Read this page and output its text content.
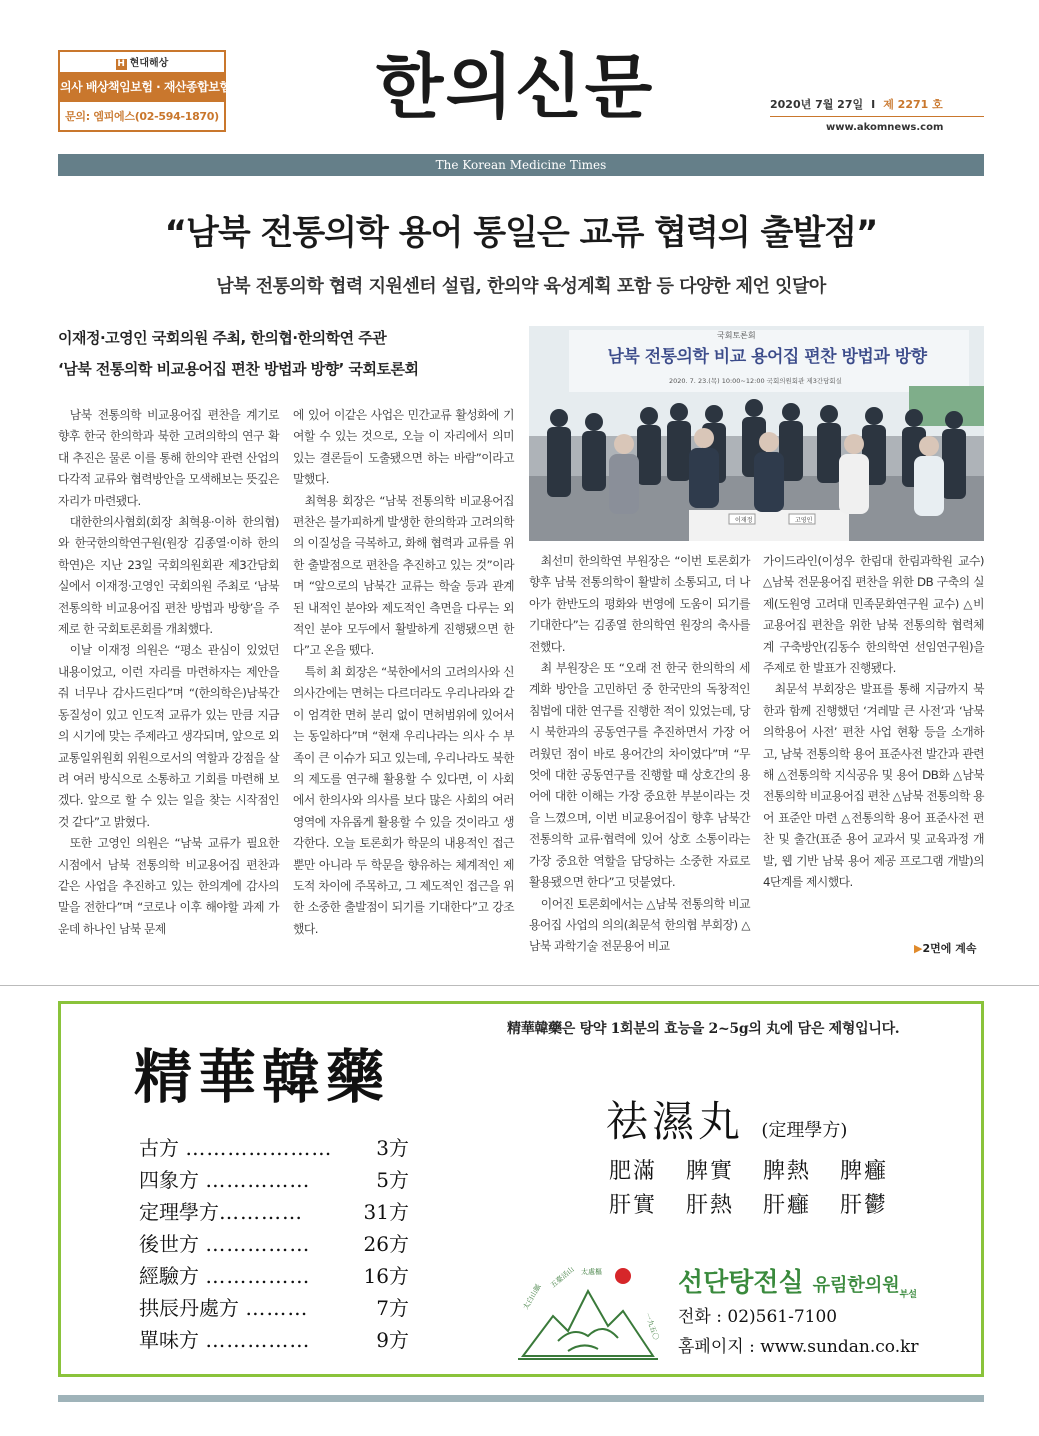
H 현대해상
의사 배상책임보험 · 재산종합보험
문의: 엠피에스(02-594-1870)	한의신문	2020년 7월 27일 I 제 2271 호
www.akomnews.com
The Korean Medicine Times
“남북 전통의학 용어 통일은 교류 협력의 출발점”
남북 전통의학 협력 지원센터 설립, 한의약 육성계획 포함 등 다양한 제언 잇달아
이재정·고영인 국회의원 주최, 한의협·한의학연 주관
‘남북 전통의학 비교용어집 편찬 방법과 방향’ 국회토론회

남북 전통의학 비교용어집 편찬을 계기로 향후 한국 한의학과 북한 고려의학의 연구 확대 추진은 물론 이를 통해 한의약 관련 산업의 다각적 교류와 협력방안을 모색해보는 뜻깊은 자리가 마련됐다.

대한한의사협회(회장 최혁용·이하 한의협)와 한국한의학연구원(원장 김종열·이하 한의학연)은 지난 23일 국회의원회관 제3간담회실에서 이재정·고영인 국회의원 주최로 ‘남북 전통의학 비교용어집 편찬 방법과 방향’을 주제로 한 국회토론회를 개최했다.

이날 이재정 의원은 “평소 관심이 있었던 내용이었고, 이런 자리를 마련하자는 제안을 줘 너무나 감사드린다”며 “(한의학은)남북간 동질성이 있고 인도적 교류가 있는 만큼 지금의 시기에 맞는 주제라고 생각되며, 앞으로 외교통일위원회 위원으로서의 역할과 강점을 살려 여러 방식으로 소통하고 기회를 마련해 보겠다. 앞으로 할 수 있는 일을 찾는 시작점인 것 같다”고 밝혔다.

또한 고영인 의원은 “남북 교류가 필요한 시점에서 남북 전통의학 비교용어집 편찬과 같은 사업을 추진하고 있는 한의계에 감사의 말을 전한다”며 “코로나 이후 해야할 과제 가운데 하나인 남북 문제

에 있어 이같은 사업은 민간교류 활성화에 기여할 수 있는 것으로, 오늘 이 자리에서 의미있는 결론들이 도출됐으면 하는 바람”이라고 말했다.

최혁용 회장은 “남북 전통의학 비교용어집 편찬은 불가피하게 발생한 한의학과 고려의학의 이질성을 극복하고, 화해 협력과 교류를 위한 출발점으로 편찬을 추진하고 있는 것”이라며 “앞으로의 남북간 교류는 학술 등과 관계된 내적인 분야와 제도적인 측면을 다루는 외적인 분야 모두에서 활발하게 진행됐으면 한다”고 온을 뗐다.

특히 최 회장은 “북한에서의 고려의사와 신의사간에는 면허는 다르더라도 우리나라와 같이 엄격한 면허 분리 없이 면허범위에 있어서는 동일하다”며 “현재 우리나라는 의사 수 부족이 큰 이슈가 되고 있는데, 우리나라도 북한의 제도를 연구해 활용할 수 있다면, 이 사회에서 한의사와 의사를 보다 많은 사회의 여러 영역에 자유롭게 활용할 수 있을 것이라고 생각한다. 오늘 토론회가 학문의 내용적인 접근뿐만 아니라 두 학문을 향유하는 체계적인 제도적 차이에 주목하고, 그 제도적인 접근을 위한 소중한 출발점이 되기를 기대한다”고 강조했다.

국회토론회
남북 전통의학 비교 용어집 편찬 방법과 방향
2020. 7. 23.(목) 10:00~12:00 국회의원회관 제3간담회실
이재정	고영인

최선미 한의학연 부원장은 “이번 토론회가 향후 남북 전통의학이 활발히 소통되고, 더 나아가 한반도의 평화와 번영에 도움이 되기를 기대한다”는 김종열 한의학연 원장의 축사를 전했다.

최 부원장은 또 “오래 전 한국 한의학의 세계화 방안을 고민하던 중 한국만의 독창적인 침법에 대한 연구를 진행한 적이 있었는데, 당시 북한과의 공동연구를 추진하면서 가장 어려웠던 점이 바로 용어간의 차이였다”며 “무엇에 대한 공동연구를 진행할 때 상호간의 용어에 대한 이해는 가장 중요한 부분이라는 것을 느꼈으며, 이번 비교용어집이 향후 남북간 전통의학 교류·협력에 있어 상호 소통이라는 가장 중요한 역할을 담당하는 소중한 자료로 활용됐으면 한다”고 덧붙였다.

이어진 토론회에서는 △남북 전통의학 비교용어집 사업의 의의(최문석 한의협 부회장) △남북 과학기술 전문용어 비교

가이드라인(이성우 한림대 한림과학원 교수) △남북 전문용어집 편찬을 위한 DB 구축의 실제(도원영 고려대 민족문화연구원 교수) △비교용어집 편찬을 위한 남북 전통의학 협력체계 구축방안(김동수 한의학연 선임연구원)을 주제로 한 발표가 진행됐다.

최문석 부회장은 발표를 통해 지금까지 북한과 함께 진행했던 ‘겨레말 큰 사전’과 ‘남북 의학용어 사전’ 편찬 사업 현황 등을 소개하고, 남북 전통의학 용어 표준사전 발간과 관련해 △전통의학 지식공유 및 용어 DB화 △남북 전통의학 비교용어집 편찬 △남북 전통의학 용어 표준안 마련 △전통의학 용어 표준사전 편찬 및 출간(표준 용어 교과서 및 교육과정 개발, 웹 기반 남북 용어 제공 프로그램 개발)의 4단계를 제시했다.

▶2면에 계속
精華韓藥은 탕약 1회분의 효능을 2~5g의 丸에 담은 제형입니다.
精華韓藥
古方 ………………… 3方
四象方 ……………	5方
定理學方…………	31方
後世方 ……………	26方
經驗方 ……………	16方
拱辰丹處方 ………	7方
單味方 ……………	9方
祛濕丸 (定理學方)
肥滿 脾實 脾熱 脾癰
肝實 肝熱 肝癰 肝鬱
太白山脈
五臺活山 太處樞
一九五〇
선단탕전실 유림한의원$_{부설}$
전화 : 02)561-7100
홈페이지 : www.sundan.co.kr
